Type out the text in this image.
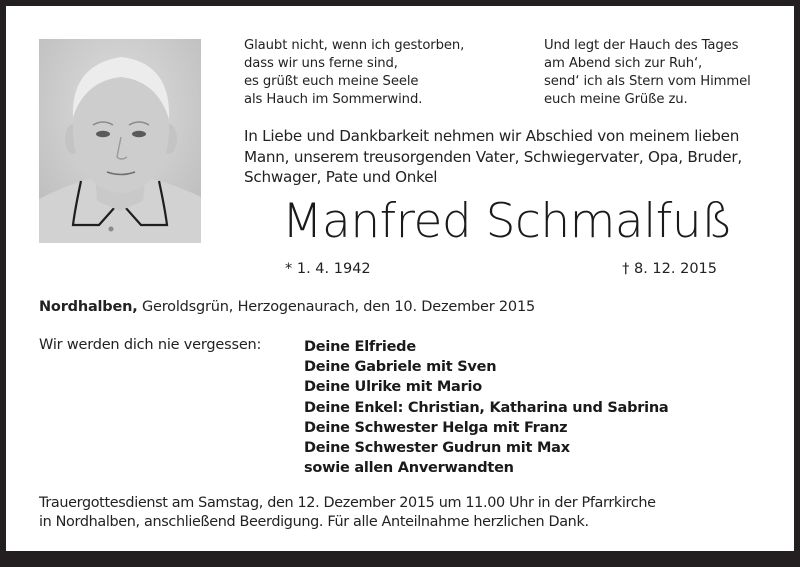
Glaubt nicht, wenn ich gestorben,
dass wir uns ferne sind,
es grüßt euch meine Seele
als Hauch im Sommerwind.
Und legt der Hauch des Tages
am Abend sich zur Ruh‘,
send‘ ich als Stern vom Himmel
euch meine Grüße zu.
In Liebe und Dankbarkeit nehmen wir Abschied von meinem lieben
Mann, unserem treusorgenden Vater, Schwiegervater, Opa, Bruder,
Schwager, Pate und Onkel
Manfred Schmalfuß
* 1. 4. 1942	† 8. 12. 2015
Nordhalben, Geroldsgrün, Herzogenaurach, den 10. Dezember 2015
Wir werden dich nie vergessen:	Deine Elfriede
Deine Gabriele mit Sven
Deine Ulrike mit Mario
Deine Enkel: Christian, Katharina und Sabrina
Deine Schwester Helga mit Franz
Deine Schwester Gudrun mit Max
sowie allen Anverwandten
Trauergottesdienst am Samstag, den 12. Dezember 2015 um 11.00 Uhr in der Pfarrkirche
in Nordhalben, anschließend Beerdigung. Für alle Anteilnahme herzlichen Dank.
